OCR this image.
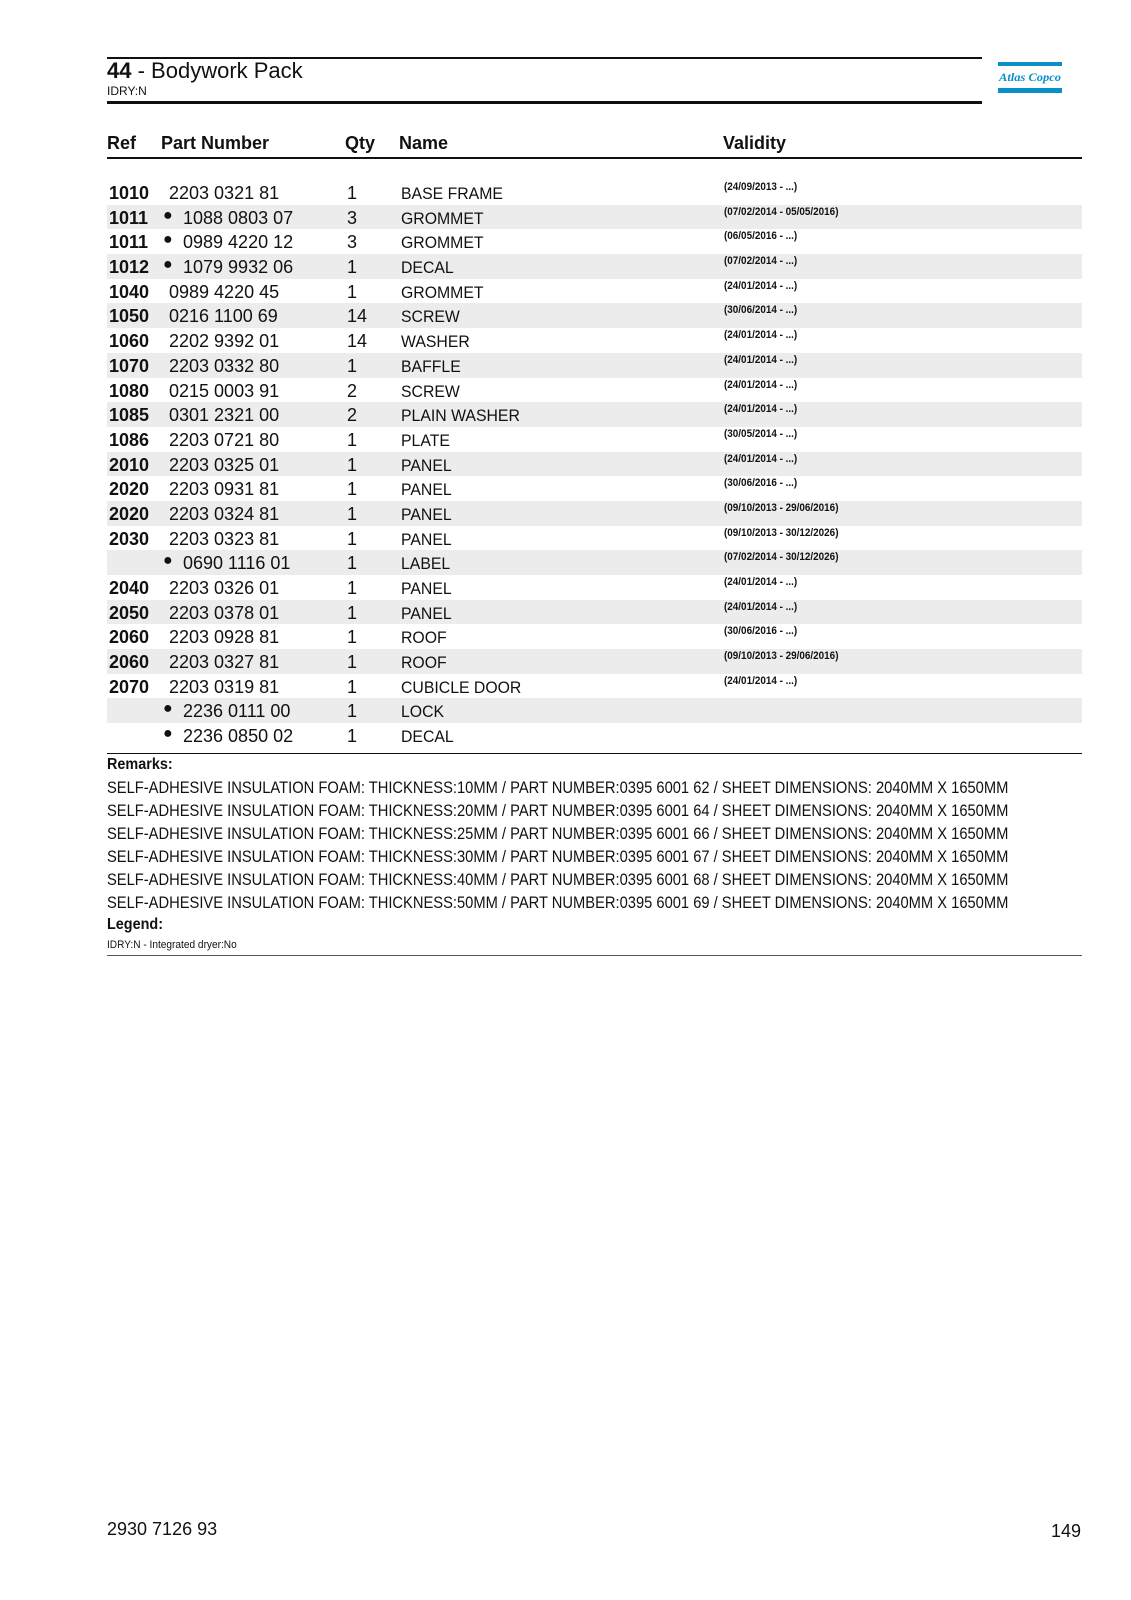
44 - Bodywork Pack
IDRY:N
Atlas Copco
Ref Part Number	Qty Name	Validity
1010 2203 0321 81	1	BASE FRAME	(24/09/2013 - ...)
1011 ● 1088 0803 07	3	GROMMET	(07/02/2014 - 05/05/2016)
1011 ● 0989 4220 12	3	GROMMET	(06/05/2016 - ...)
1012 ● 1079 9932 06	1	DECAL	(07/02/2014 - ...)
1040 0989 4220 45	1	GROMMET	(24/01/2014 - ...)
1050 0216 1100 69	14 SCREW	(30/06/2014 - ...)
1060 2202 9392 01	14 WASHER	(24/01/2014 - ...)
1070 2203 0332 80	1	BAFFLE	(24/01/2014 - ...)
1080 0215 0003 91	2	SCREW	(24/01/2014 - ...)
1085 0301 2321 00	2	PLAIN WASHER	(24/01/2014 - ...)
1086 2203 0721 80	1	PLATE	(30/05/2014 - ...)
2010 2203 0325 01	1	PANEL	(24/01/2014 - ...)
2020 2203 0931 81	1	PANEL	(30/06/2016 - ...)
2020 2203 0324 81	1	PANEL	(09/10/2013 - 29/06/2016)
2030 2203 0323 81	1	PANEL	(09/10/2013 - 30/12/2026)
● 0690 1116 01	1	LABEL	(07/02/2014 - 30/12/2026)
2040 2203 0326 01	1	PANEL	(24/01/2014 - ...)
2050 2203 0378 01	1	PANEL	(24/01/2014 - ...)
2060 2203 0928 81	1	ROOF	(30/06/2016 - ...)
2060 2203 0327 81	1	ROOF	(09/10/2013 - 29/06/2016)
2070 2203 0319 81	1	CUBICLE DOOR	(24/01/2014 - ...)
● 2236 0111 00	1	LOCK
● 2236 0850 02	1	DECAL
Remarks:
SELF-ADHESIVE INSULATION FOAM: THICKNESS:10MM / PART NUMBER:0395 6001 62 / SHEET DIMENSIONS: 2040MM X 1650MM
SELF-ADHESIVE INSULATION FOAM: THICKNESS:20MM / PART NUMBER:0395 6001 64 / SHEET DIMENSIONS: 2040MM X 1650MM
SELF-ADHESIVE INSULATION FOAM: THICKNESS:25MM / PART NUMBER:0395 6001 66 / SHEET DIMENSIONS: 2040MM X 1650MM
SELF-ADHESIVE INSULATION FOAM: THICKNESS:30MM / PART NUMBER:0395 6001 67 / SHEET DIMENSIONS: 2040MM X 1650MM
SELF-ADHESIVE INSULATION FOAM: THICKNESS:40MM / PART NUMBER:0395 6001 68 / SHEET DIMENSIONS: 2040MM X 1650MM
SELF-ADHESIVE INSULATION FOAM: THICKNESS:50MM / PART NUMBER:0395 6001 69 / SHEET DIMENSIONS: 2040MM X 1650MM
Legend:
IDRY:N - Integrated dryer:No
2930 7126 93	149
